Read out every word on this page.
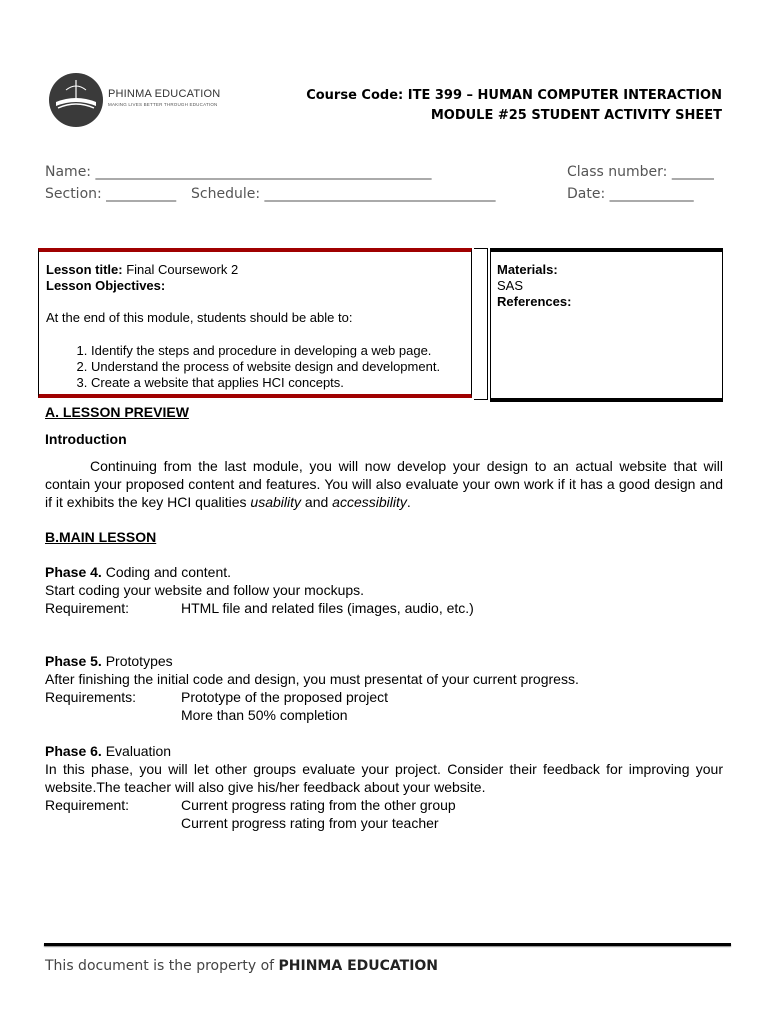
PHINMA EDUCATION
MAKING LIVES BETTER THROUGH EDUCATION
Course Code: ITE 399 – HUMAN COMPUTER INTERACTION
MODULE #25 STUDENT ACTIVITY SHEET
Name: ________________________________________________	Class number: ______
Section: __________ Schedule: _________________________________	Date: ____________
Lesson title: Final Coursework 2
Lesson Objectives:
At the end of this module, students should be able to:
1. Identify the steps and procedure in developing a web page.
2. Understand the process of website design and development.
3. Create a website that applies HCI concepts.
Materials:
SAS
References:
A. LESSON PREVIEW
Introduction
Continuing from the last module, you will now develop your design to an actual website that will contain your proposed content and features. You will also evaluate your own work if it has a good design and if it exhibits the key HCI qualities usability and accessibility.
B.MAIN LESSON
Phase 4. Coding and content.
Start coding your website and follow your mockups.
Requirement:	HTML file and related files (images, audio, etc.)
Phase 5. Prototypes
After finishing the initial code and design, you must presentat of your current progress.
Requirements:	Prototype of the proposed project
More than 50% completion
Phase 6. Evaluation
In this phase, you will let other groups evaluate your project. Consider their feedback for improving your website.The teacher will also give his/her feedback about your website.
Requirement:	Current progress rating from the other group
Current progress rating from your teacher
This document is the property of PHINMA EDUCATION
